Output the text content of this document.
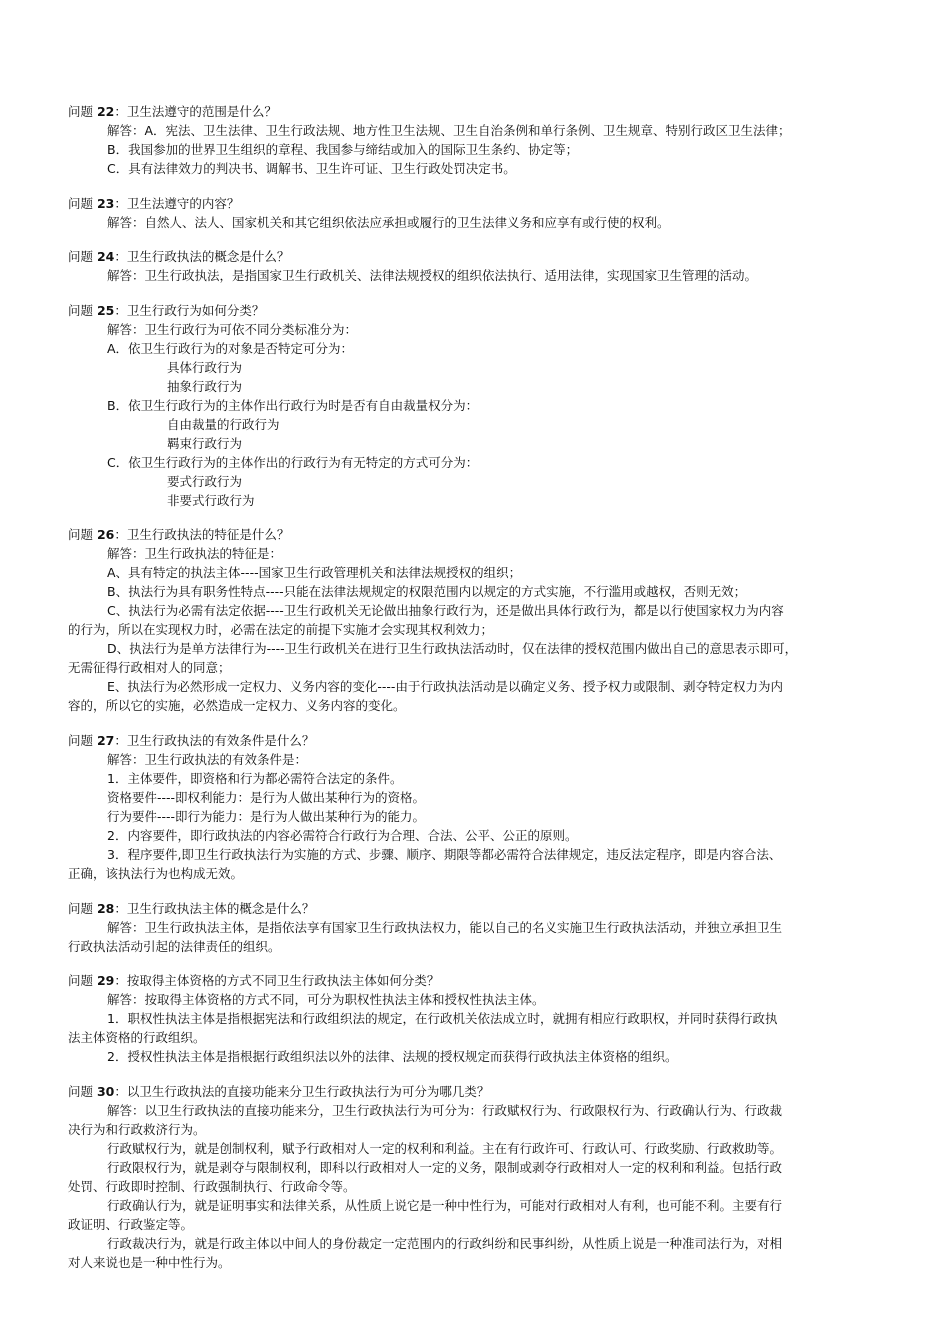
问题 22：卫生法遵守的范围是什么？
解答：A．宪法、卫生法律、卫生行政法规、地方性卫生法规、卫生自治条例和单行条例、卫生规章、特别行政区卫生法律；
B．我国参加的世界卫生组织的章程、我国参与缔结或加入的国际卫生条约、协定等；
C．具有法律效力的判决书、调解书、卫生许可证、卫生行政处罚决定书。
问题 23：卫生法遵守的内容？
解答：自然人、法人、国家机关和其它组织依法应承担或履行的卫生法律义务和应享有或行使的权利。
问题 24：卫生行政执法的概念是什么？
解答：卫生行政执法，是指国家卫生行政机关、法律法规授权的组织依法执行、适用法律，实现国家卫生管理的活动。
问题 25：卫生行政行为如何分类？
解答：卫生行政行为可依不同分类标准分为：
A．依卫生行政行为的对象是否特定可分为：
具体行政行为
抽象行政行为
B．依卫生行政行为的主体作出行政行为时是否有自由裁量权分为：
自由裁量的行政行为
羁束行政行为
C．依卫生行政行为的主体作出的行政行为有无特定的方式可分为：
要式行政行为
非要式行政行为
问题 26：卫生行政执法的特征是什么？
解答：卫生行政执法的特征是：
A、具有特定的执法主体----国家卫生行政管理机关和法律法规授权的组织；
B、执法行为具有职务性特点----只能在法律法规规定的权限范围内以规定的方式实施，不行滥用或越权，否则无效；
C、执法行为必需有法定依据----卫生行政机关无论做出抽象行政行为，还是做出具体行政行为，都是以行使国家权力为内容
的行为，所以在实现权力时，必需在法定的前提下实施才会实现其权利效力；
D、执法行为是单方法律行为----卫生行政机关在进行卫生行政执法活动时，仅在法律的授权范围内做出自己的意思表示即可，
无需征得行政相对人的同意；
E、执法行为必然形成一定权力、义务内容的变化----由于行政执法活动是以确定义务、授予权力或限制、剥夺特定权力为内
容的，所以它的实施，必然造成一定权力、义务内容的变化。
问题 27：卫生行政执法的有效条件是什么？
解答：卫生行政执法的有效条件是：
1．主体要件，即资格和行为都必需符合法定的条件。
资格要件----即权利能力：是行为人做出某种行为的资格。
行为要件----即行为能力：是行为人做出某种行为的能力。
2．内容要件，即行政执法的内容必需符合行政行为合理、合法、公平、公正的原则。
3．程序要件,即卫生行政执法行为实施的方式、步骤、顺序、期限等都必需符合法律规定，违反法定程序，即是内容合法、
正确，该执法行为也构成无效。
问题 28：卫生行政执法主体的概念是什么？
解答：卫生行政执法主体，是指依法享有国家卫生行政执法权力，能以自己的名义实施卫生行政执法活动，并独立承担卫生
行政执法活动引起的法律责任的组织。
问题 29：按取得主体资格的方式不同卫生行政执法主体如何分类？
解答：按取得主体资格的方式不同，可分为职权性执法主体和授权性执法主体。
1．职权性执法主体是指根据宪法和行政组织法的规定，在行政机关依法成立时，就拥有相应行政职权，并同时获得行政执
法主体资格的行政组织。
2．授权性执法主体是指根据行政组织法以外的法律、法规的授权规定而获得行政执法主体资格的组织。
问题 30：以卫生行政执法的直接功能来分卫生行政执法行为可分为哪几类？
解答：以卫生行政执法的直接功能来分，卫生行政执法行为可分为：行政赋权行为、行政限权行为、行政确认行为、行政裁
决行为和行政救济行为。
行政赋权行为，就是创制权利，赋予行政相对人一定的权利和利益。主在有行政许可、行政认可、行政奖励、行政救助等。
行政限权行为，就是剥夺与限制权利，即科以行政相对人一定的义务，限制或剥夺行政相对人一定的权利和利益。包括行政
处罚、行政即时控制、行政强制执行、行政命令等。
行政确认行为，就是证明事实和法律关系，从性质上说它是一种中性行为，可能对行政相对人有利，也可能不利。主要有行
政证明、行政鉴定等。
行政裁决行为，就是行政主体以中间人的身份裁定一定范围内的行政纠纷和民事纠纷，从性质上说是一种准司法行为，对相
对人来说也是一种中性行为。
